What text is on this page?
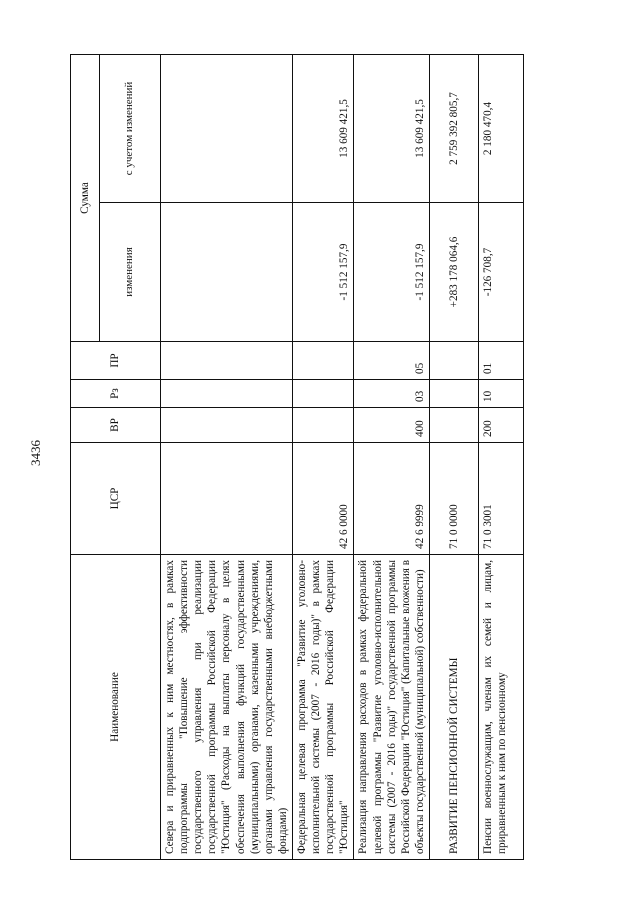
3436
Наименование	ЦСР	ВР	Рз	ПР	Сумма	
					изменения	с учетом изменений
Севера и приравненных к ним местностях, в рамках подпрограммы "Повышение эффективности государственного управления при реализации государственной программы Российской Федерации "Юстиция" (Расходы на выплаты персоналу в целях обеспечения выполнения функций государственными (муниципальными) органами, казенными учреждениями, органами управления государственными внебюджетными фондами)						
Федеральная целевая программа "Развитие уголовно-исполнительной системы (2007 - 2016 годы)" в рамках государственной программы Российской Федерации "Юстиция"	42 6 0000				-1 512 157,9	13 609 421,5
Реализация направления расходов в рамках федеральной целевой программы "Развитие уголовно-исполнительной системы (2007 - 2016 годы)" государственной программы Российской Федерации "Юстиция" (Капитальные вложения в объекты государственной (муниципальной) собственности)	42 6 9999	400	03	05	-1 512 157,9	13 609 421,5
РАЗВИТИЕ ПЕНСИОННОЙ СИСТЕМЫ	71 0 0000				+283 178 064,6	2 759 392 805,7
Пенсии военнослужащим, членам их семей и лицам, приравненным к ним по пенсионному	71 0 3001	200	10	01	-126 708,7	2 180 470,4
